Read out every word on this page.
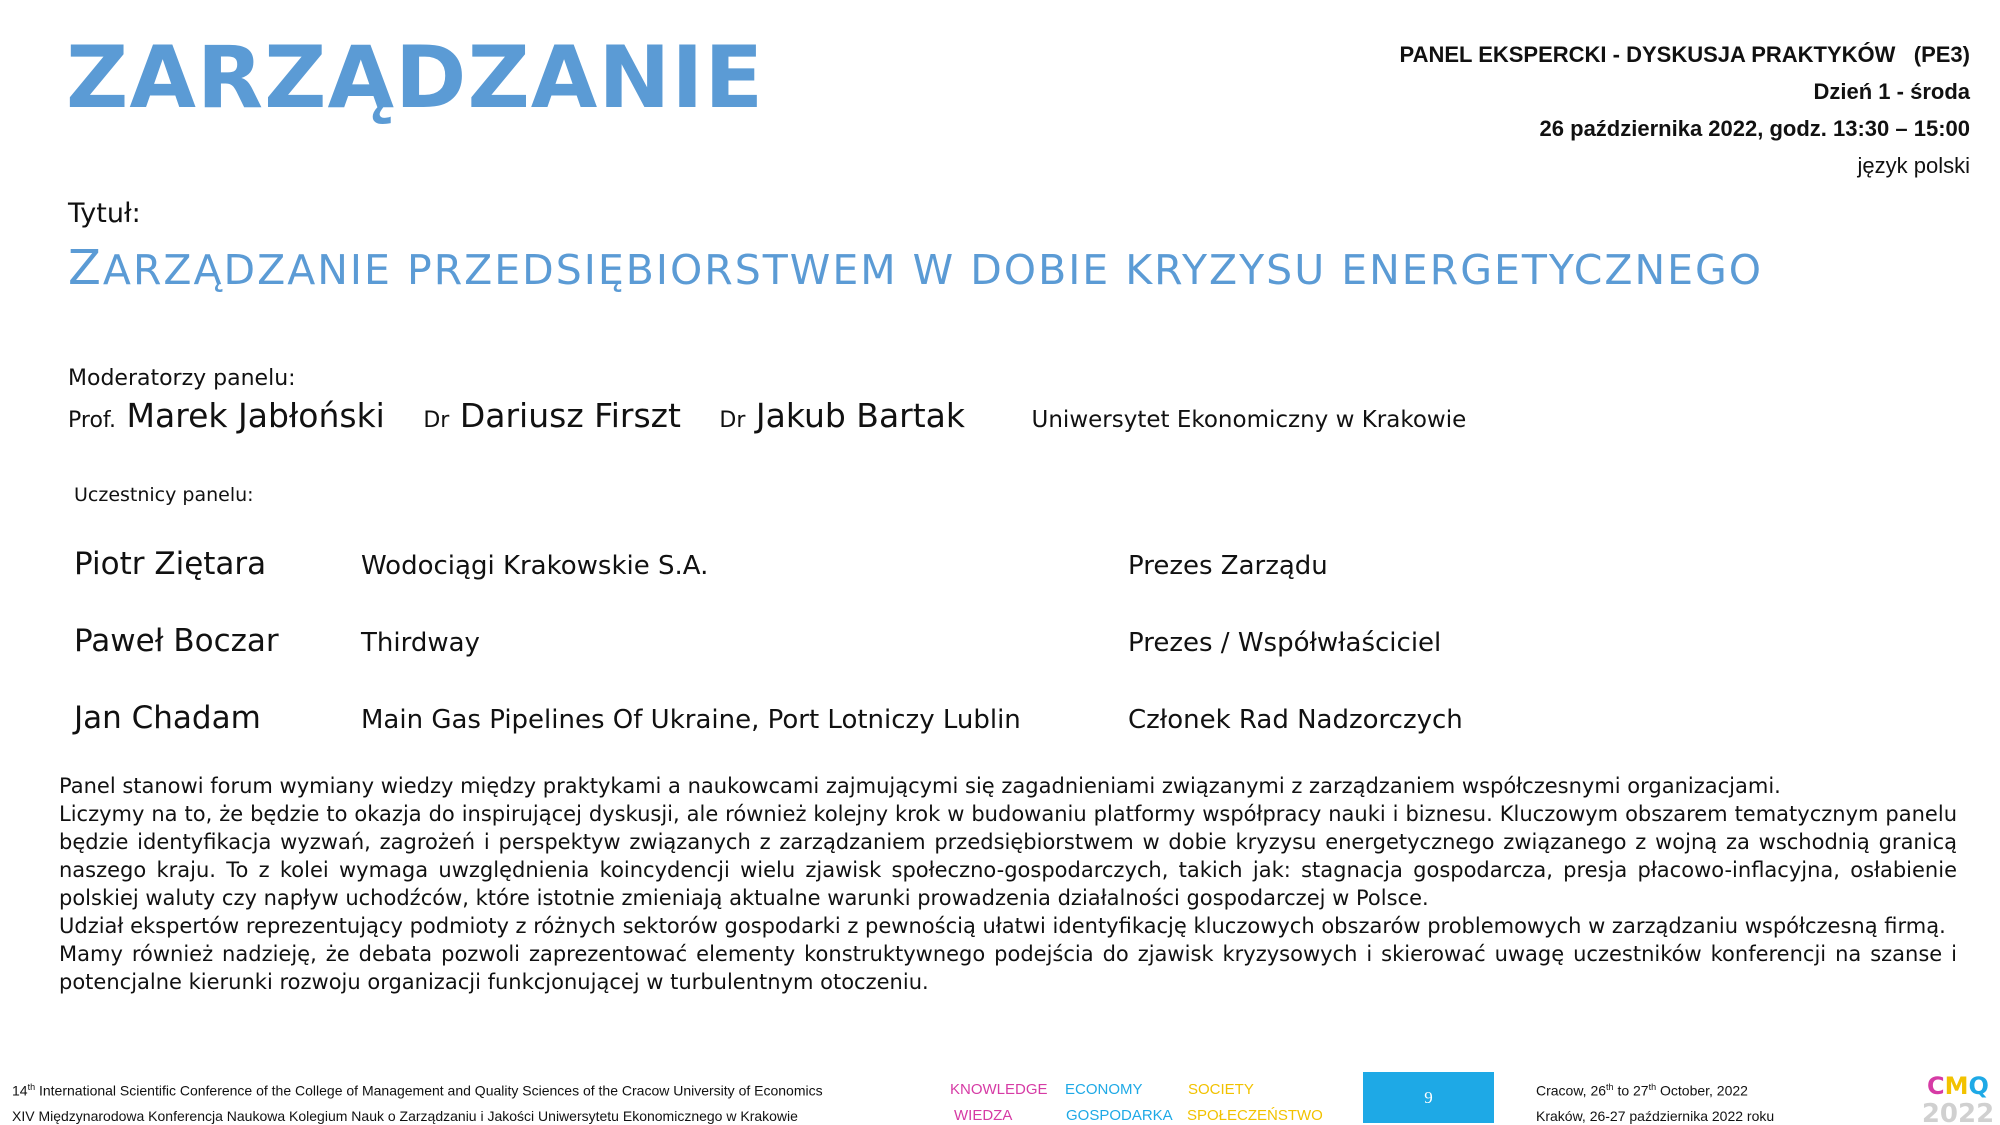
ZARZĄDZANIE	PANEL EKSPERCKI - DYSKUSJA PRAKTYKÓW   (PE3)
Dzień 1 - środa
26 października 2022, godz. 13:30 – 15:00
język polski
Tytuł:
ZARZĄDZANIE PRZEDSIĘBIORSTWEM W DOBIE KRYZYSU ENERGETYCZNEGO
Moderatorzy panelu:
Prof. Marek Jabłoński Dr Dariusz Firszt Dr Jakub Bartak	Uniwersytet Ekonomiczny w Krakowie
Uczestnicy panelu:
Piotr Ziętara	Wodociągi Krakowskie S.A.	Prezes Zarządu
Paweł Boczar	Thirdway	Prezes / Współwłaściciel
Jan Chadam	Main Gas Pipelines Of Ukraine, Port Lotniczy Lublin	Członek Rad Nadzorczych

Panel stanowi forum wymiany wiedzy między praktykami a naukowcami zajmującymi się zagadnieniami związanymi z zarządzaniem współczesnymi organizacjami.

Liczymy na to, że będzie to okazja do inspirującej dyskusji, ale również kolejny krok w budowaniu platformy współpracy nauki i biznesu. Kluczowym obszarem tematycznym panelu będzie identyfikacja wyzwań, zagrożeń i perspektyw związanych z zarządzaniem przedsiębiorstwem w dobie kryzysu energetycznego związanego z wojną za wschodnią granicą naszego kraju. To z kolei wymaga uwzględnienia koincydencji wielu zjawisk społeczno-gospodarczych, takich jak: stagnacja gospodarcza, presja płacowo-inflacyjna, osłabienie polskiej waluty czy napływ uchodźców, które istotnie zmieniają aktualne warunki prowadzenia działalności gospodarczej w Polsce.

Udział ekspertów reprezentujący podmioty z różnych sektorów gospodarki z pewnością ułatwi identyfikację kluczowych obszarów problemowych w zarządzaniu współczesną firmą.

Mamy również nadzieję, że debata pozwoli zaprezentować elementy konstruktywnego podejścia do zjawisk kryzysowych i skierować uwagę uczestników konferencji na szanse i potencjalne kierunki rozwoju organizacji funkcjonującej w turbulentnym otoczeniu.

14th International Scientific Conference of the College of Management and Quality Sciences of the Cracow University of Economics
XIV Międzynarodowa Konferencja Naukowa Kolegium Nauk o Zarządzaniu i Jakości Uniwersytetu Ekonomicznego w Krakowie
KNOWLEDGE ECONOMY	SOCIETY
WIEDZA	GOSPODARKA SPOŁECZEŃSTWO
9	Cracow, 26th to 27th October, 2022
Kraków, 26-27 października 2022 roku
CMQ
2022
